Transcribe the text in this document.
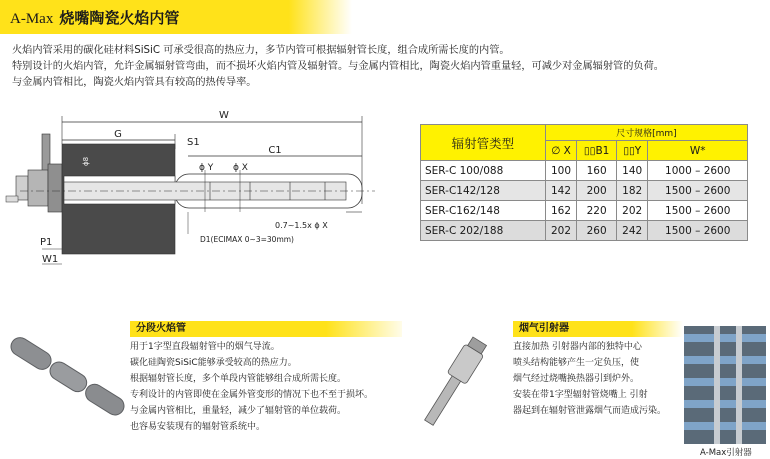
A-Max 烧嘴陶瓷火焰内管

火焰内管采用的碳化硅材料SiSiC 可承受很高的热应力，多节内管可根据辐射管长度，组合成所需长度的内管。

特别设计的火焰内管，允许金属辐射管弯曲，而不损坏火焰内管及辐射管。与金属内管相比，陶瓷火焰内管重量轻，可减少对金属辐射管的负荷。

与金属内管相比，陶瓷火焰内管具有较高的热传导率。

W
G
S1
C1
ϕ8
ϕ Y ϕ X
0.7~1.5x ϕ X
D1(ECIMAX 0~3=30mm)
P1
W1
辐射管类型	尺寸规格[mm]			
	∅ X	▯▯B1	▯▯Y	W*
SER-C 100/088	100	160	140	1000 – 2600
SER-C142/128	142	200	182	1500 – 2600
SER-C162/148	162	220	202	1500 – 2600
SER-C 202/188	202	260	242	1500 – 2600
分段火焰管

用于1字型直段辐射管中的烟气导流。

碳化硅陶瓷SiSiC能够承受较高的热应力。

根据辐射管长度，多个单段内管能够组合成所需长度。

专利设计的内管即使在金属外管变形的情况下也不至于损坏。

与金属内管相比，重量轻，减少了辐射管的单位载荷。

也容易安装现有的辐射管系统中。

烟气引射器

直接加热 引射器内部的独特中心

喷头结构能够产生一定负压，使

烟气经过烧嘴换热器引到炉外。

安装在带1字型辐射管烧嘴上 引射

器起到在辐射管泄露烟气而造成污染。

A-Max引射器
